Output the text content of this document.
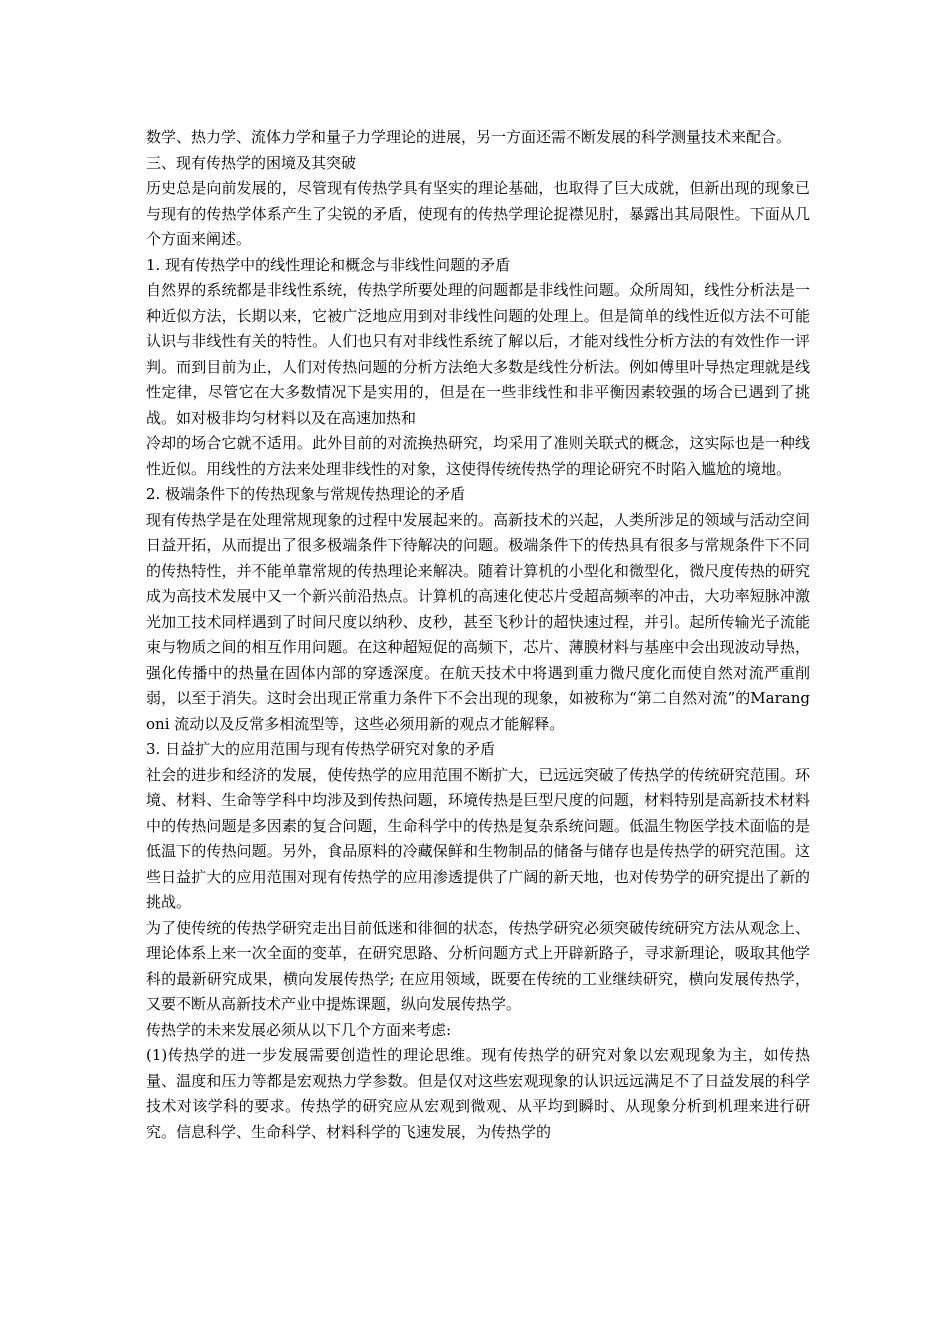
数学、热力学、流体力学和量子力学理论的进展，另一方面还需不断发展的科学测量技术来配合。

三、现有传热学的困境及其突破

历史总是向前发展的，尽管现有传热学具有坚实的理论基础，也取得了巨大成就，但新出现的现象已与现有的传热学体系产生了尖锐的矛盾，使现有的传热学理论捉襟见肘，暴露出其局限性。下面从几个方面来阐述。

1. 现有传热学中的线性理论和概念与非线性问题的矛盾

自然界的系统都是非线性系统，传热学所要处理的问题都是非线性问题。众所周知，线性分析法是一种近似方法，长期以来，它被广泛地应用到对非线性问题的处理上。但是简单的线性近似方法不可能认识与非线性有关的特性。人们也只有对非线性系统了解以后，才能对线性分析方法的有效性作一评判。而到目前为止，人们对传热问题的分析方法绝大多数是线性分析法。例如傅里叶导热定理就是线性定律，尽管它在大多数情况下是实用的，但是在一些非线性和非平衡因素较强的场合已遇到了挑战。如对极非均匀材料以及在高速加热和

冷却的场合它就不适用。此外目前的对流换热研究，均采用了准则关联式的概念，这实际也是一种线性近似。用线性的方法来处理非线性的对象，这使得传统传热学的理论研究不时陷入尴尬的境地。

2. 极端条件下的传热现象与常规传热理论的矛盾

现有传热学是在处理常规现象的过程中发展起来的。高新技术的兴起，人类所涉足的领域与活动空间日益开拓，从而提出了很多极端条件下待解决的问题。极端条件下的传热具有很多与常规条件下不同的传热特性，并不能单靠常规的传热理论来解决。随着计算机的小型化和微型化，微尺度传热的研究成为高技术发展中又一个新兴前沿热点。计算机的高速化使芯片受超高频率的冲击，大功率短脉冲激光加工技术同样遇到了时间尺度以纳秒、皮秒，甚至飞秒计的超快速过程，并引。起所传输光子流能束与物质之间的相互作用问题。在这种超短促的高频下，芯片、薄膜材料与基座中会出现波动导热，强化传播中的热量在固体内部的穿透深度。在航天技术中将遇到重力微尺度化而使自然对流严重削弱，以至于消失。这时会出现正常重力条件下不会出现的现象，如被称为“第二自然对流”的Marangoni 流动以及反常多相流型等，这些必须用新的观点才能解释。

3. 日益扩大的应用范围与现有传热学研究对象的矛盾

社会的进步和经济的发展，使传热学的应用范围不断扩大，已远远突破了传热学的传统研究范围。环境、材料、生命等学科中均涉及到传热问题，环境传热是巨型尺度的问题，材料特别是高新技术材料中的传热问题是多因素的复合问题，生命科学中的传热是复杂系统问题。低温生物医学技术面临的是低温下的传热问题。另外，食品原料的冷藏保鲜和生物制品的储备与储存也是传热学的研究范围。这些日益扩大的应用范围对现有传热学的应用渗透提供了广阔的新天地，也对传势学的研究提出了新的挑战。

为了使传统的传热学研究走出目前低迷和徘徊的状态，传热学研究必须突破传统研究方法从观念上、理论体系上来一次全面的变革，在研究思路、分析问题方式上开辟新路子，寻求新理论，吸取其他学科的最新研究成果，横向发展传热学; 在应用领域，既要在传统的工业继续研究，横向发展传热学，又要不断从高新技术产业中提炼课题，纵向发展传热学。

传热学的未来发展必须从以下几个方面来考虑:

(1)传热学的进一步发展需要创造性的理论思维。现有传热学的研究对象以宏观现象为主，如传热量、温度和压力等都是宏观热力学参数。但是仅对这些宏观现象的认识远远满足不了日益发展的科学技术对该学科的要求。传热学的研究应从宏观到微观、从平均到瞬时、从现象分析到机理来进行研究。信息科学、生命科学、材料科学的飞速发展，为传热学的
